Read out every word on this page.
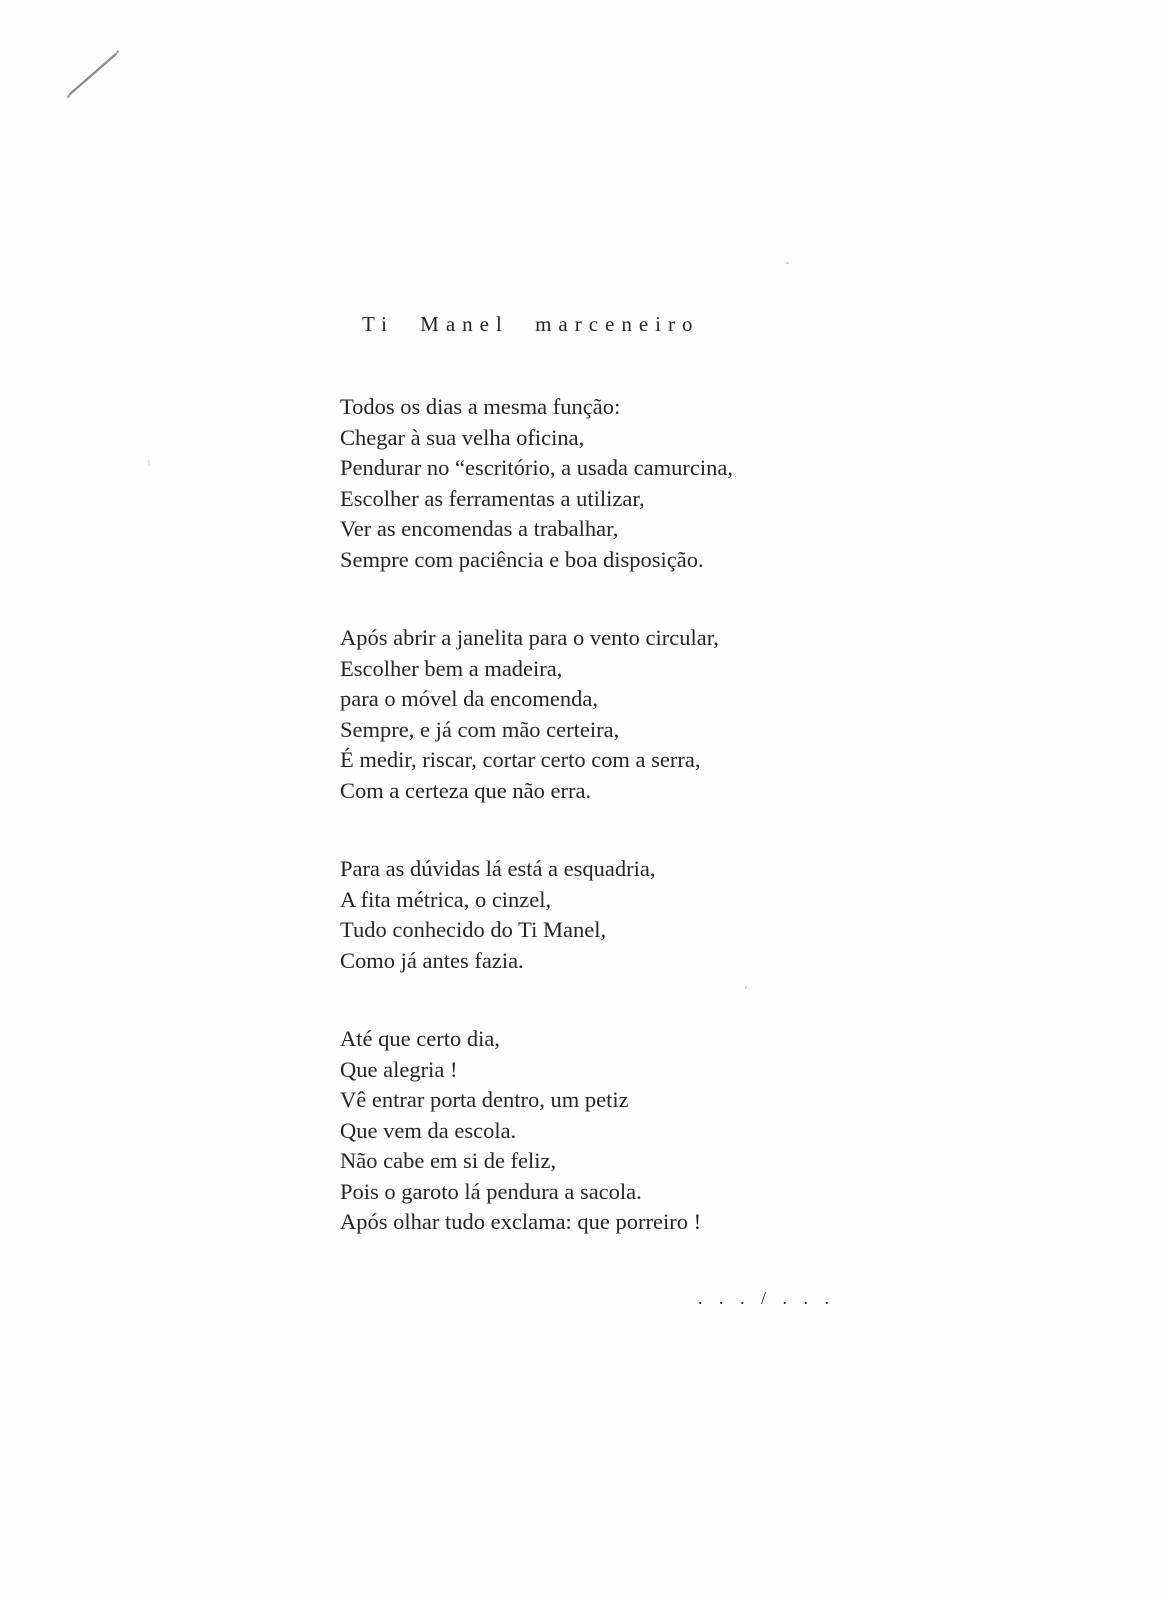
Ti Manel marceneiro

Todos os dias a mesma função:
Chegar à sua velha oficina,
Pendurar no “escritório, a usada camurcina,
Escolher as ferramentas a utilizar,
Ver as encomendas a trabalhar,
Sempre com paciência e boa disposição.

Após abrir a janelita para o vento circular,
Escolher bem a madeira,
para o móvel da encomenda,
Sempre, e já com mão certeira,
É medir, riscar, cortar certo com a serra,
Com a certeza que não erra.

Para as dúvidas lá está a esquadria,
A fita métrica, o cinzel,
Tudo conhecido do Ti Manel,
Como já antes fazia.

Até que certo dia,
Que alegria !
Vê entrar porta dentro, um petiz
Que vem da escola.
Não cabe em si de feliz,
Pois o garoto lá pendura a sacola.
Após olhar tudo exclama: que porreiro !

. . . / . . .
